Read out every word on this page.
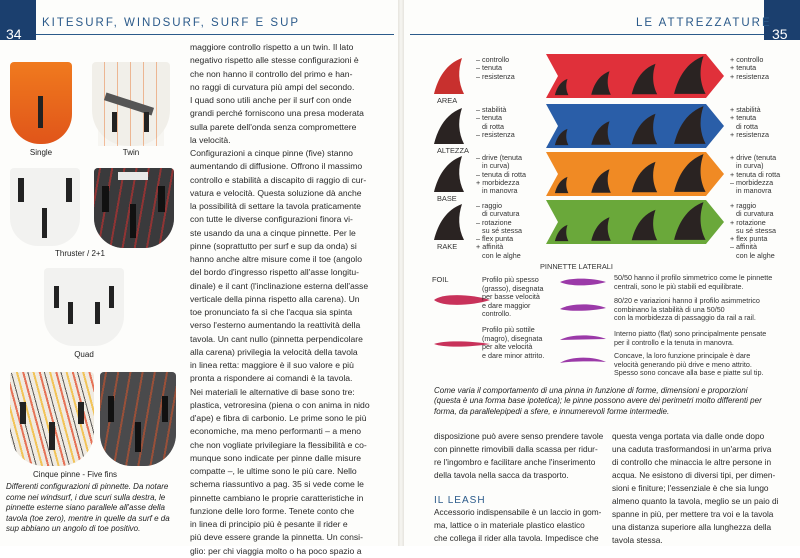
34
KITESURF, WINDSURF, SURF E SUP
Single	Twin
Thruster / 2+1
Quad
Cinque pinne - Five fins
Differenti configurazioni di pinnette. Da notare come nei windsurf, i due scuri sulla destra, le pinnette esterne siano parallele all'asse della tavola (toe zero), mentre in quelle da surf e da sup abbiano un angolo di toe positivo.

maggiore controllo rispetto a un twin. Il lato

negativo rispetto alle stesse configurazioni è

che non hanno il controllo del primo e han-

no raggi di curvatura più ampi del secondo.

I quad sono utili anche per il surf con onde

grandi perché forniscono una presa moderata

sulla parete dell'onda senza compromettere

la velocità.

Configurazioni a cinque pinne (five) stanno

aumentando di diffusione. Offrono il massimo

controllo e stabilità a discapito di raggio di cur-

vatura e velocità. Questa soluzione dà anche

la possibilità di settare la tavola praticamente

con tutte le diverse configurazioni finora vi-

ste usando da una a cinque pinnette. Per le

pinne (soprattutto per surf e sup da onda) si

hanno anche altre misure come il toe (angolo

del bordo d'ingresso rispetto all'asse longitu-

dinale) e il cant (l'inclinazione esterna dell'asse

verticale della pinna rispetto alla carena). Un

toe pronunciato fa sì che l'acqua sia spinta

verso l'esterno aumentando la reattività della

tavola. Un cant nullo (pinnetta perpendicolare

alla carena) privilegia la velocità della tavola

in linea retta: maggiore è il suo valore e più

pronta a rispondere ai comandi è la tavola.

Nei materiali le alternative di base sono tre:

plastica, vetroresina (piena o con anima in nido

d'ape) e fibra di carbonio. Le prime sono le più

economiche, ma meno performanti – a meno

che non vogliate privilegiare la flessibilità e co-

munque sono indicate per pinne dalle misure

compatte –, le ultime sono le più care. Nello

schema riassuntivo a pag. 35 si vede come le

pinnette cambiano le proprie caratteristiche in

funzione delle loro forme. Tenete conto che

in linea di principio più è pesante il rider e

più deve essere grande la pinnetta. Un consi-

glio: per chi viaggia molto o ha poco spazio a

35
LE ATTREZZATURE
AREA
– controllo
– tenuta
– resistenza
+ controllo
+ tenuta
+ resistenza
ALTEZZA
– stabilità
– tenuta
di rotta
– resistenza
+ stabilità
+ tenuta
di rotta
+ resistenza
BASE
– drive (tenuta
in curva)
– tenuta di rotta
+ morbidezza
in manovra
+ drive (tenuta
in curva)
+ tenuta di rotta
– morbidezza
in manovra
RAKE
– raggio
di curvatura
– rotazione
su sé stessa
– flex punta
+ affinità
con le alghe
+ raggio
di curvatura
+ rotazione
su sé stessa
+ flex punta
– affinità
con le alghe
FOIL
PINNETTE LATERALI
Profilo più spesso
(grasso), disegnata
per basse velocità
e dare maggior
controllo.
Profilo più sottile
(magro), disegnata
per alte velocità
e dare minor attrito.
50/50 hanno il profilo simmetrico come le pinnette
centrali, sono le più stabili ed equilibrate.
80/20 e variazioni hanno il profilo asimmetrico
combinano la stabilità di una 50/50
con la morbidezza di passaggio da rail a rail.
Interno piatto (flat) sono principalmente pensate
per il controllo e la tenuta in manovra.
Concave, la loro funzione principale è dare
velocità generando più drive e meno attrito.
Spesso sono concave alla base e piatte sul tip.
Come varia il comportamento di una pinna in funzione di forme, dimensioni e proporzioni (questa è una forma base ipotetica); le pinne possono avere dei perimetri molto differenti per forma, da parallelepipedi a sfere, e innumerevoli forme intermedie.

disposizione può avere senso prendere tavole

con pinnette rimovibili dalla scassa per ridur-

re l'ingombro e facilitare anche l'inserimento

della tavola nella sacca da trasporto.

IL LEASH

Accessorio indispensabile è un laccio in gom-

ma, lattice o in materiale plastico elastico

che collega il rider alla tavola. Impedisce che

questa venga portata via dalle onde dopo

una caduta trasformandosi in un'arma priva

di controllo che minaccia le altre persone in

acqua. Ne esistono di diversi tipi, per dimen-

sioni e finiture; l'essenziale è che sia lungo

almeno quanto la tavola, meglio se un paio di

spanne in più, per mettere tra voi e la tavola

una distanza superiore alla lunghezza della

tavola stessa.
